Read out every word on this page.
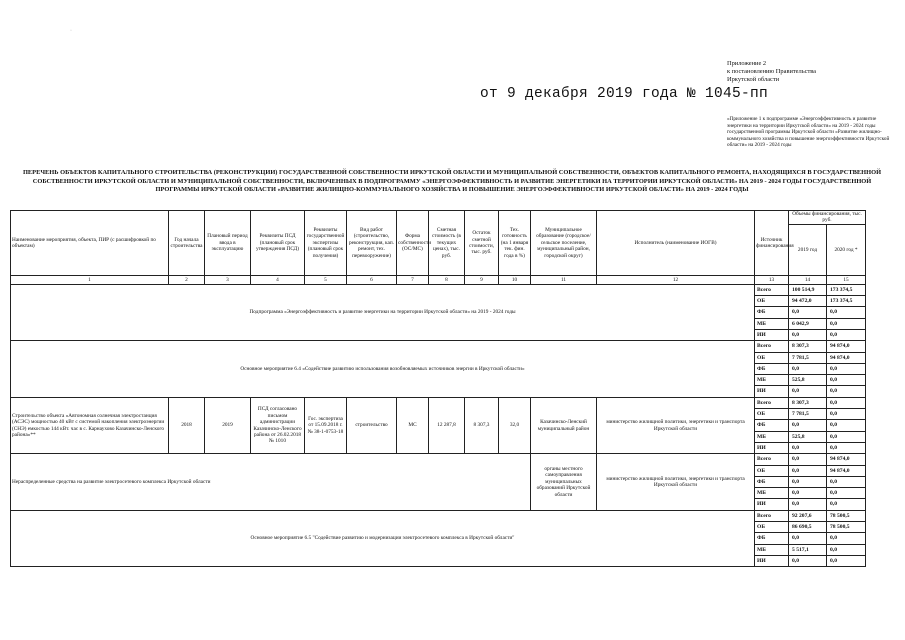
·
Приложение 2
к постановлению Правительства
Иркутской области
от 9 декабря 2019 года № 1045-пп
«Приложение 1 к подпрограмме «Энергоэффективность и развитие энергетики на территории Иркутской области» на 2019 - 2024 годы государственной программы Иркутской области «Развитие жилищно-коммунального хозяйства и повышение энергоэффективности Иркутской области» на 2019 - 2024 годы
ПЕРЕЧЕНЬ ОБЪЕКТОВ КАПИТАЛЬНОГО СТРОИТЕЛЬСТВА (РЕКОНСТРУКЦИИ) ГОСУДАРСТВЕННОЙ СОБСТВЕННОСТИ ИРКУТСКОЙ ОБЛАСТИ И МУНИЦИПАЛЬНОЙ СОБСТВЕННОСТИ, ОБЪЕКТОВ КАПИТАЛЬНОГО РЕМОНТА, НАХОДЯЩИХСЯ В ГОСУДАРСТВЕННОЙ СОБСТВЕННОСТИ ИРКУТСКОЙ ОБЛАСТИ И МУНИЦИПАЛЬНОЙ СОБСТВЕННОСТИ, ВКЛЮЧЕННЫХ В ПОДПРОГРАММУ «ЭНЕРГОЭФФЕКТИВНОСТЬ И РАЗВИТИЕ ЭНЕРГЕТИКИ НА ТЕРРИТОРИИ ИРКУТСКОЙ ОБЛАСТИ» НА 2019 - 2024 ГОДЫ ГОСУДАРСТВЕННОЙ ПРОГРАММЫ ИРКУТСКОЙ ОБЛАСТИ «РАЗВИТИЕ ЖИЛИЩНО-КОММУНАЛЬНОГО ХОЗЯЙСТВА И ПОВЫШЕНИЕ ЭНЕРГОЭФФЕКТИВНОСТИ ИРКУТСКОЙ ОБЛАСТИ» НА 2019 - 2024 ГОДЫ
Наименование мероприятия, объекта, ПИР (с расшифровкой по объектам)	Год начала строительства	Плановый период ввода в эксплуатацию	Реквизиты ПСД (плановый срок утверждения ПСД)	Реквизиты государственной экспертизы (плановый срок получения)	Вид работ (строительство, реконструкция, кап. ремонт, тех. перевооружение)	Форма собственности (ОС/МС)	Сметная стоимость (в текущих ценах), тыс. руб.	Остаток сметной стоимости, тыс. руб.	Тех. готовность (на 1 января тек. фин. года в %)	Муниципальное образование (городское/сельское поселение, муниципальный район, городской округ)	Исполнитель (наименование ИОГВ)	Источник финансирования	Объемы финансирования, тыс. руб.	
													2019 год	2020 год *
1	2	3	4	5	6	7	8	9	10	11	12	13	14	15
Подпрограмма «Энергоэффективность и развитие энергетики на территории Иркутской области» на 2019 - 2024 годы												Всего	100 514,9	173 374,5
												ОБ	94 472,0	173 374,5
												ФБ	0,0	0,0
												МБ	6 042,9	0,0
												ИИ	0,0	0,0
Основное мероприятие 6.4 «Содействие развитию использования возобновляемых источников энергии в Иркутской области»												Всего	8 307,3	94 874,0
												ОБ	7 781,5	94 874,0
												ФБ	0,0	0,0
												МБ	525,8	0,0
												ИИ	0,0	0,0
Строительство объекта «Автономная солнечная электростанция (АСЭС) мощностью 40 кВт с системой накопления электроэнергии (СНЭ) емкостью 144 кВт. час в с. Карнаухово Казачинско-Ленского района»**	2018	2019	ПСД согласовано письмом администрации Казачинско-Ленского района от 26.02.2018 № 1010	Гос. экспертиза от 15.09.2018 г. № 38-1-0753-18	строительство	МС	12 287,8	8 307,3	32,0	Казачинско-Ленский муниципальный район	министерство жилищной политики, энергетики и транспорта Иркутской области	Всего	8 307,3	0,0
												ОБ	7 781,5	0,0
												ФБ	0,0	0,0
												МБ	525,8	0,0
												ИИ	0,0	0,0
Нераспределенные средства на развитие электросетевого комплекса Иркутской области										органы местного самоуправления муниципальных образований Иркутской области	министерство жилищной политики, энергетики и транспорта Иркутской области	Всего	0,0	94 874,0
												ОБ	0,0	94 874,0
												ФБ	0,0	0,0
												МБ	0,0	0,0
												ИИ	0,0	0,0
Основное мероприятие 6.5 "Содействие развитию и модернизации электросетевого комплекса в Иркутской области"												Всего	92 207,6	78 500,5
												ОБ	86 690,5	78 500,5
												ФБ	0,0	0,0
												МБ	5 517,1	0,0
												ИИ	0,0	0,0
